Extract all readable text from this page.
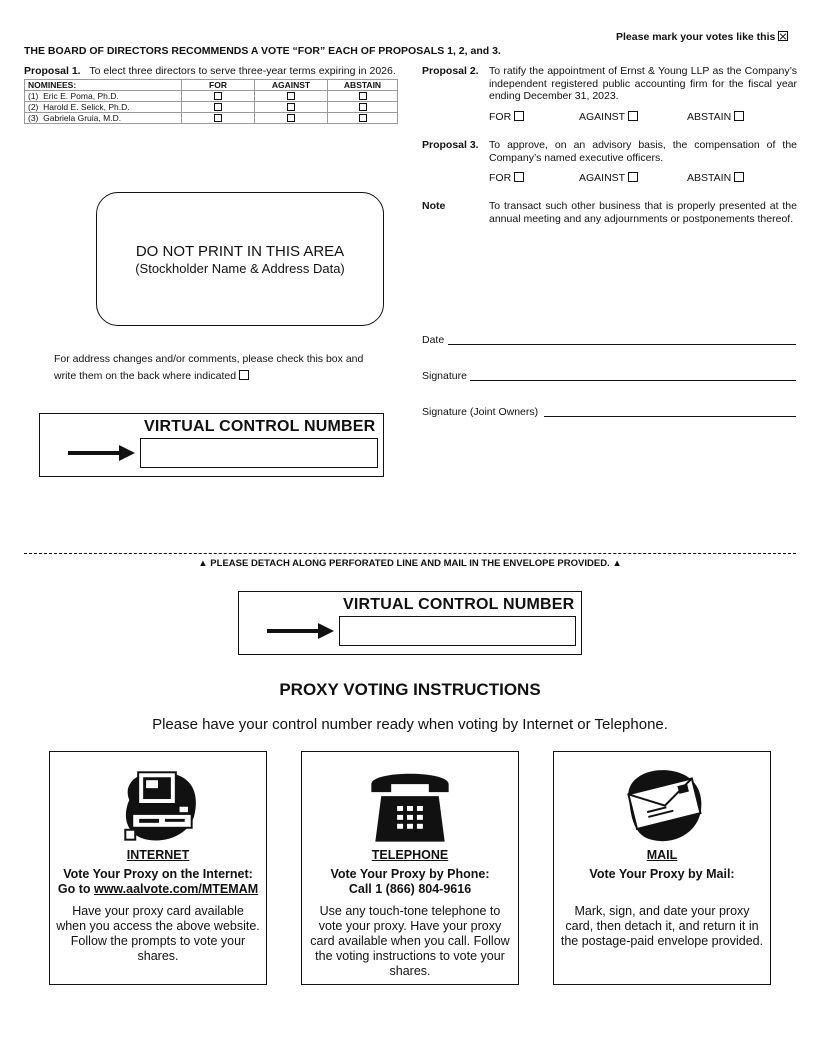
Please mark your votes like this
THE BOARD OF DIRECTORS RECOMMENDS A VOTE “FOR” EACH OF PROPOSALS 1, 2, and 3.
Proposal 1. To elect three directors to serve three-year terms expiring in 2026.
NOMINEES:	FOR	AGAINST	ABSTAIN
(1) Eric E. Poma, Ph.D.			
(2) Harold E. Selick, Ph.D.			
(3) Gabriela Gruia, M.D.			
Proposal 2. To ratify the appointment of Ernst & Young LLP as the Company’s independent registered public accounting firm for the fiscal year ending December 31, 2023.
FOR	AGAINST	ABSTAIN
Proposal 3. To approve, on an advisory basis, the compensation of the Company’s named executive officers.
FOR	AGAINST	ABSTAIN
Note	To transact such other business that is properly presented at the annual meeting and any adjournments or postponements thereof.
DO NOT PRINT IN THIS AREA
(Stockholder Name & Address Data)
For address changes and/or comments, please check this box and write them on the back where indicated
Date
Signature
Signature (Joint Owners)
VIRTUAL CONTROL NUMBER
▲ PLEASE DETACH ALONG PERFORATED LINE AND MAIL IN THE ENVELOPE PROVIDED. ▲
VIRTUAL CONTROL NUMBER
PROXY VOTING INSTRUCTIONS
Please have your control number ready when voting by Internet or Telephone.
INTERNET
Vote Your Proxy on the Internet:
Go to www.aalvote.com/MTEMAM
Have your proxy card available when you access the above website. Follow the prompts to vote your shares.
TELEPHONE
Vote Your Proxy by Phone:
Call 1 (866) 804-9616
Use any touch-tone telephone to vote your proxy. Have your proxy card available when you call. Follow the voting instructions to vote your shares.
MAIL
Vote Your Proxy by Mail:
Mark, sign, and date your proxy card, then detach it, and return it in the postage-paid envelope provided.
